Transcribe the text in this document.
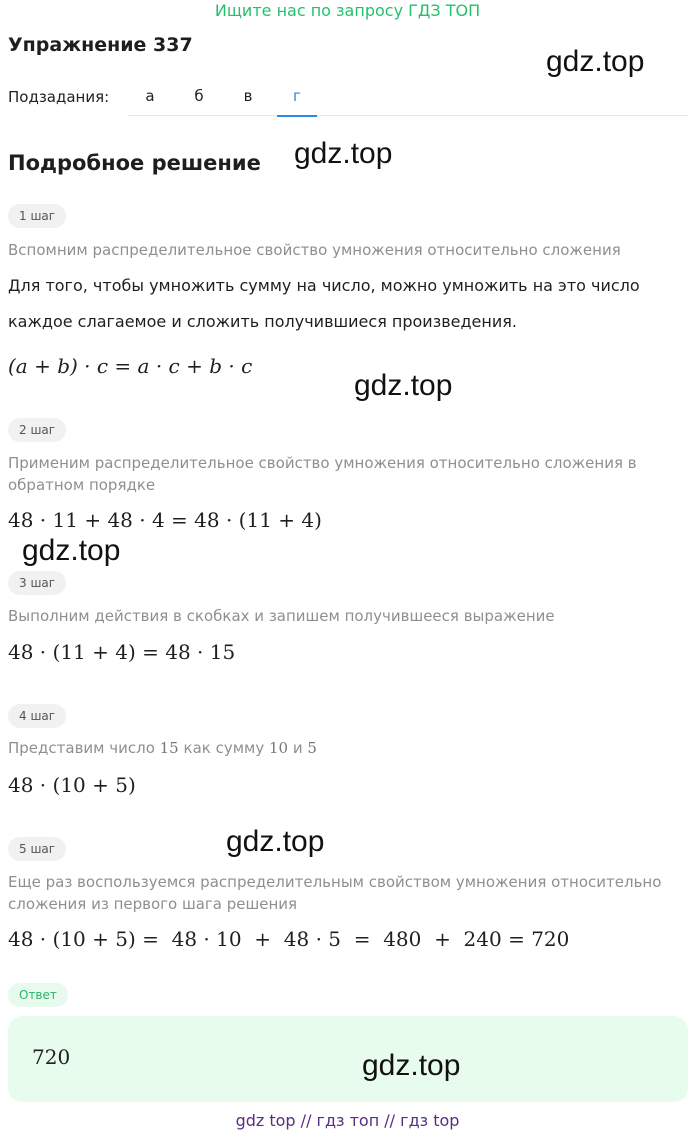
Ищите нас по запросу ГДЗ ТОП
Упражнение 337
Подзадания:	а	б	в	г
Подробное решение
1 шаг
Вспомним распределительное свойство умножения относительно сложения
Для того, чтобы умножить сумму на число, можно умножить на это число
каждое слагаемое и сложить получившиеся произведения.
(a + b) · c = a · c + b · c
2 шаг
Применим распределительное свойство умножения относительно сложения в обратном порядке
48 · 11 + 48 · 4 = 48 · (11 + 4)
3 шаг
Выполним действия в скобках и запишем получившееся выражение
48 · (11 + 4) = 48 · 15
4 шаг
Представим число 15 как сумму 10 и 5
48 · (10 + 5)
5 шаг
Еще раз воспользуемся распределительным свойством умножения относительно сложения из первого шага решения
48 · (10 + 5) =  48 · 10  +  48 · 5  =  480  +  240 = 720
Ответ
720
gdz.top
gdz.top
gdz.top
gdz.top
gdz.top
gdz.top
gdz top // гдз топ // гдз top
